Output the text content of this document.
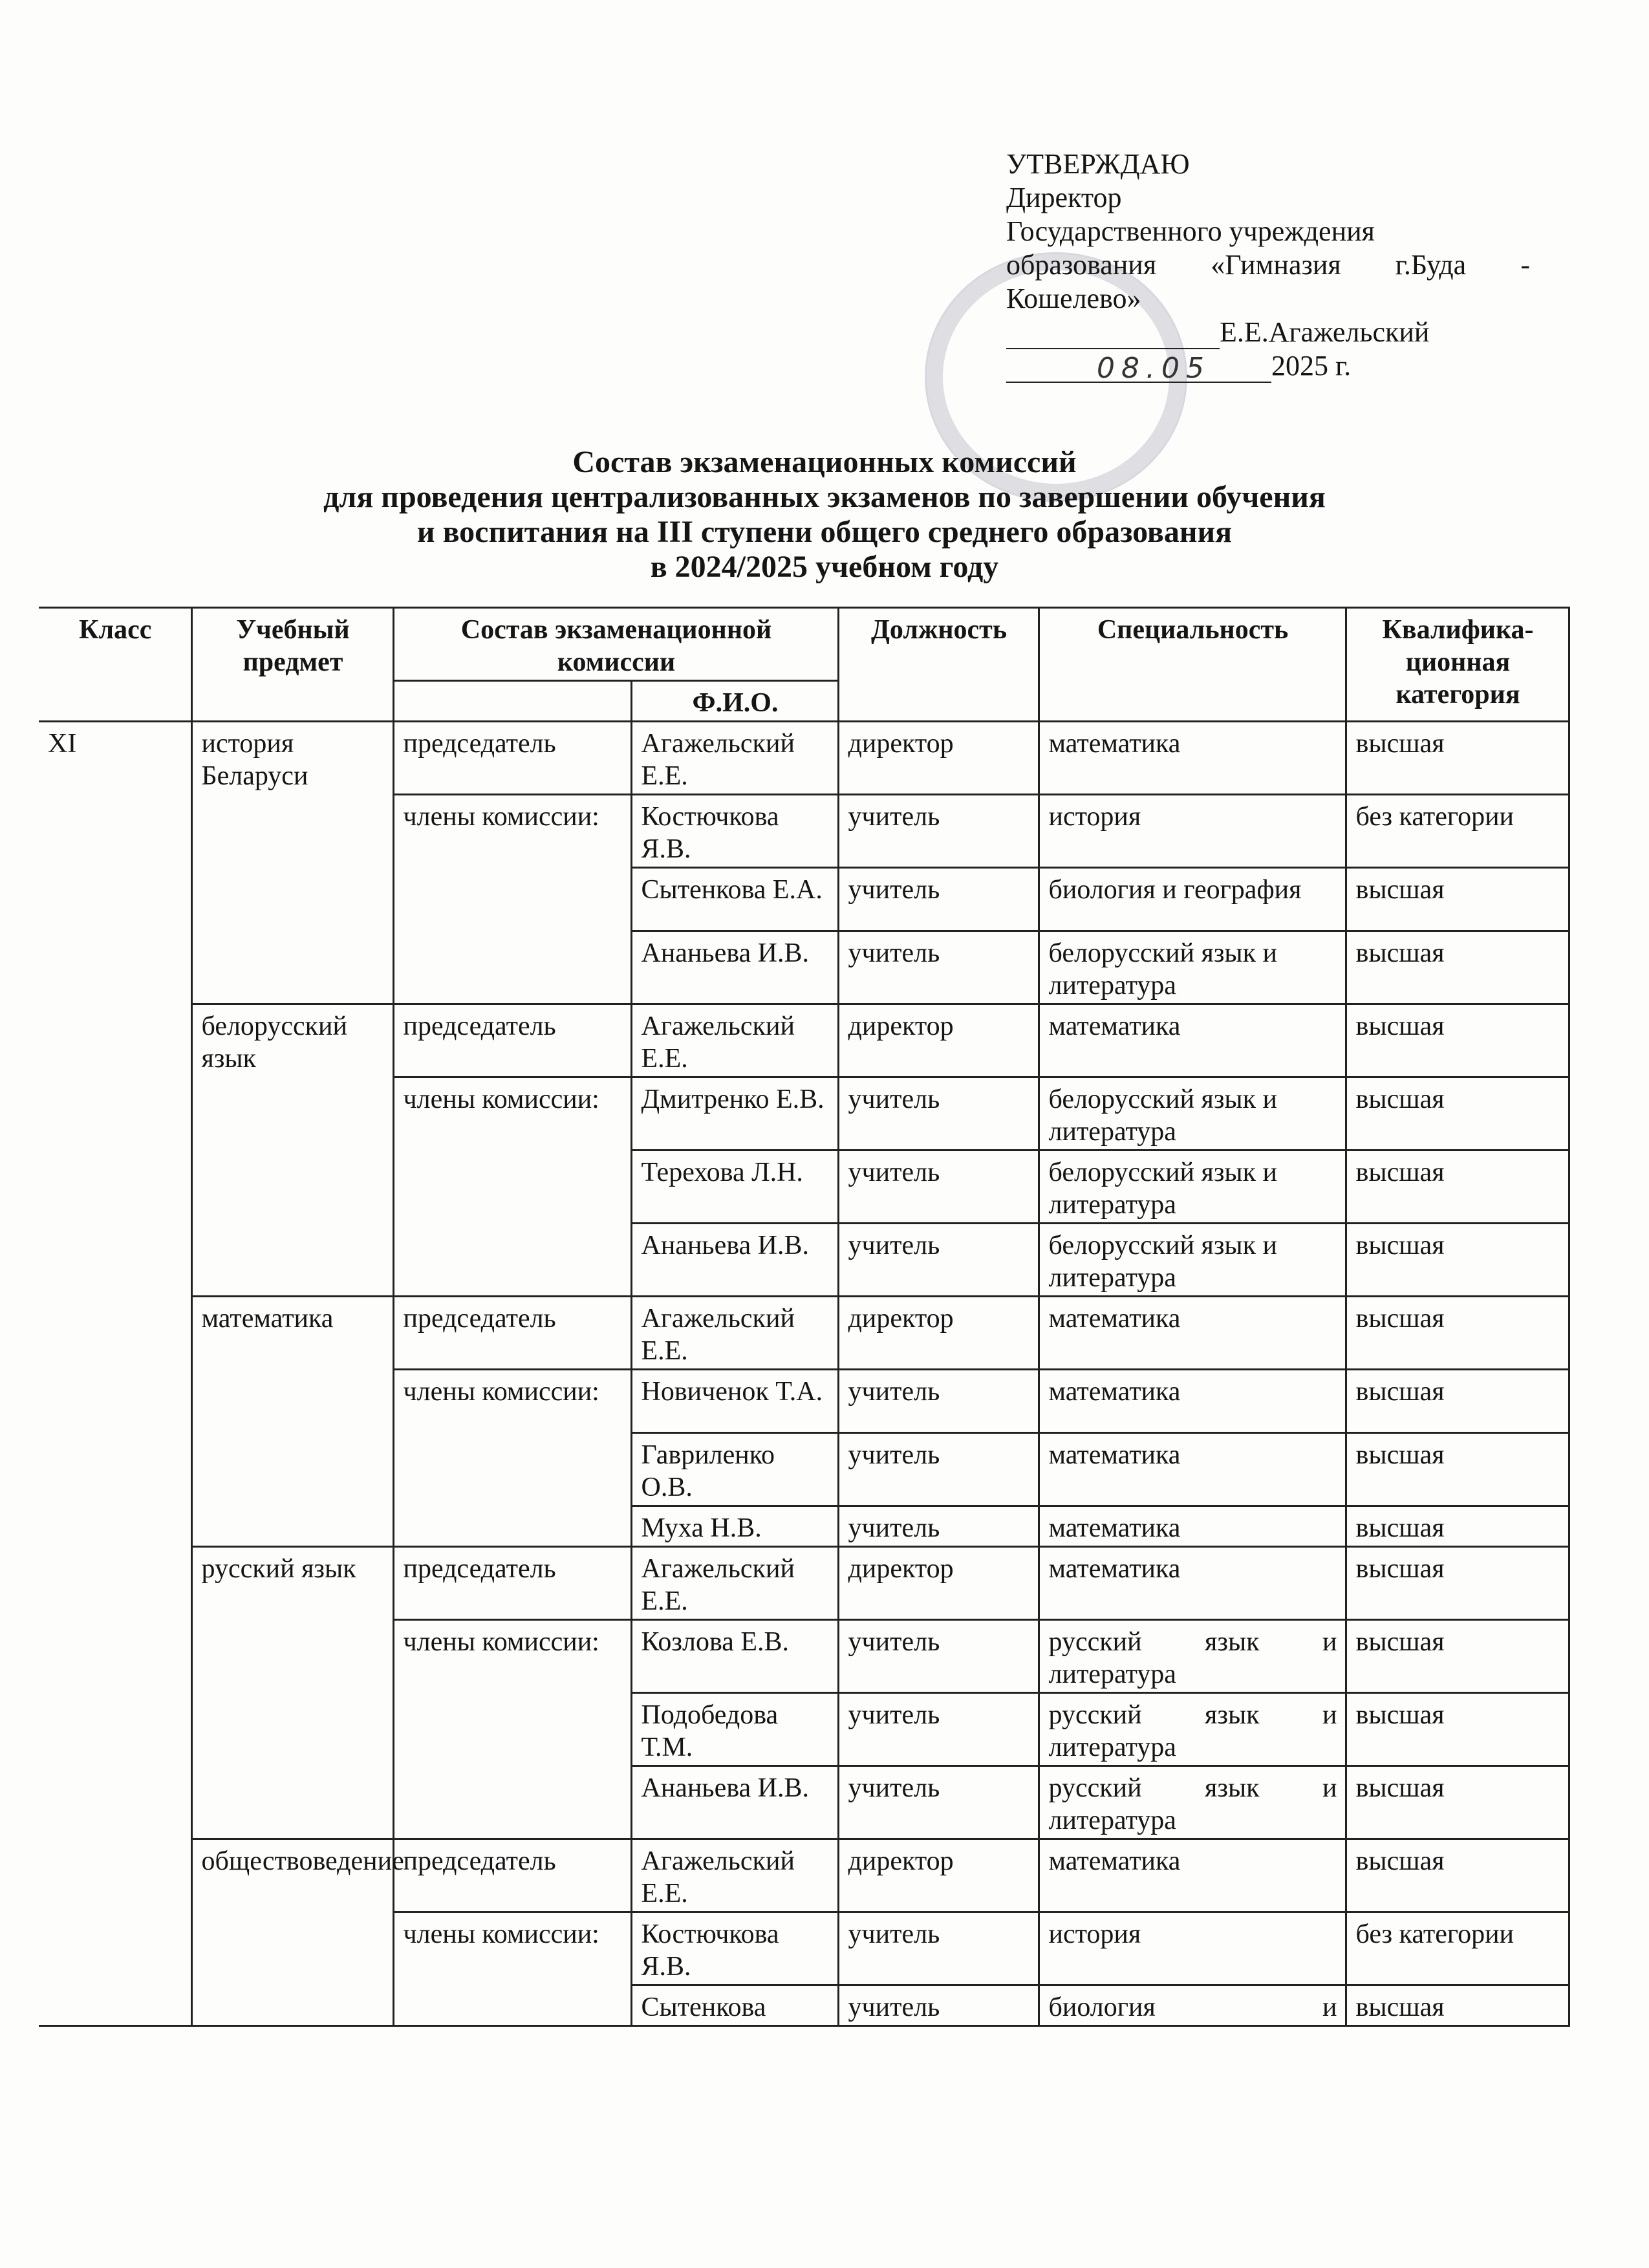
УТВЕРЖДАЮ
Директор
Государственного учреждения
образования «Гимназия г.Буда -
Кошелево»
Е.Е.Агажельский
08.05 2025 г.
Состав экзаменационных комиссий
для проведения централизованных экзаменов по завершении обучения
и воспитания на III ступени общего среднего образования
в 2024/2025 учебном году
Класс	Учебный предмет	Состав экзаменационной комиссии		Должность	Специальность	Квалифика-ционная категория
			Ф.И.О.			
XI	история Беларуси	председатель	Агажельский Е.Е.	директор	математика	высшая
		члены комиссии:	Костючкова Я.В.	учитель	история	без категории
			Сытенкова Е.А.	учитель	биология и география	высшая
			Ананьева И.В.	учитель	белорусский язык и литература	высшая
	белорусский язык	председатель	Агажельский Е.Е.	директор	математика	высшая
		члены комиссии:	Дмитренко Е.В.	учитель	белорусский язык и литература	высшая
			Терехова Л.Н.	учитель	белорусский язык и литература	высшая
			Ананьева И.В.	учитель	белорусский язык и литература	высшая
	математика	председатель	Агажельский Е.Е.	директор	математика	высшая
		члены комиссии:	Новиченок Т.А.	учитель	математика	высшая
			Гавриленко О.В.	учитель	математика	высшая
			Муха Н.В.	учитель	математика	высшая
	русский язык	председатель	Агажельский Е.Е.	директор	математика	высшая
		члены комиссии:	Козлова Е.В.	учитель	русский язык и литература	высшая
			Подобедова Т.М.	учитель	русский язык и литература	высшая
			Ананьева И.В.	учитель	русский язык и литература	высшая
	обществоведение	председатель	Агажельский Е.Е.	директор	математика	высшая
		члены комиссии:	Костючкова Я.В.	учитель	история	без категории
			Сытенкова	учитель	биология и	высшая
